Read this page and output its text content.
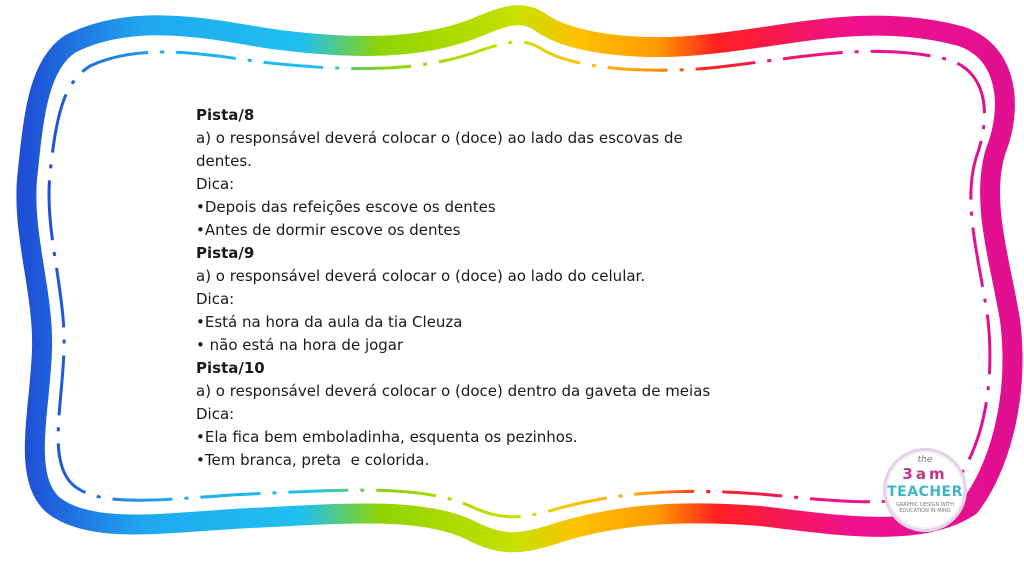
Pista/8
a) o responsável deverá colocar o (doce) ao lado das escovas de dentes.
Dica:
•Depois das refeições escove os dentes
•Antes de dormir escove os dentes
Pista/9
a) o responsável deverá colocar o (doce) ao lado do celular.
Dica:
•Está na hora da aula da tia Cleuza
• não está na hora de jogar
Pista/10
a) o responsável deverá colocar o (doce) dentro da gaveta de meias
Dica:
•Ela fica bem emboladinha, esquenta os pezinhos.
•Tem branca, preta  e colorida.	the
3am
TEACHER
GRAPHIC DESIGN WITH EDUCATION IN MIND
